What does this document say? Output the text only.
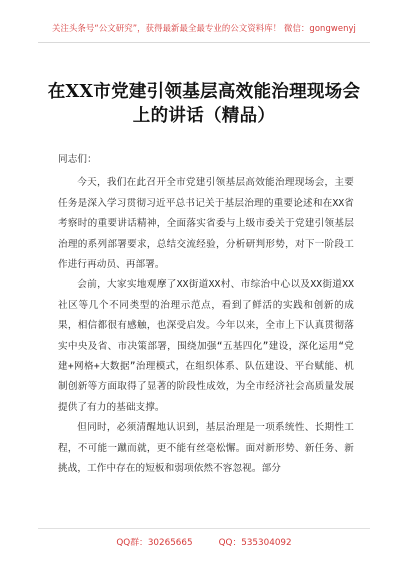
关注头条号“公文研究”，获得最新最全最专业的公文资料库！ 微信：gongwenyj
在XX市党建引领基层高效能治理现场会上的讲话（精品）

同志们：

今天，我们在此召开全市党建引领基层高效能治理现场会，主要任务是深入学习贯彻习近平总书记关于基层治理的重要论述和在XX省考察时的重要讲话精神，全面落实省委与上级市委关于党建引领基层治理的系列部署要求，总结交流经验，分析研判形势，对下一阶段工作进行再动员、再部署。

会前，大家实地观摩了XX街道XX村、市综治中心以及XX街道XX社区等几个不同类型的治理示范点，看到了鲜活的实践和创新的成果，相信都很有感触，也深受启发。今年以来，全市上下认真贯彻落实中央及省、市决策部署，围绕加强“五基四化”建设，深化运用“党建+网格+大数据”治理模式，在组织体系、队伍建设、平台赋能、机制创新等方面取得了显著的阶段性成效，为全市经济社会高质量发展提供了有力的基础支撑。

但同时，必须清醒地认识到，基层治理是一项系统性、长期性工程，不可能一蹴而就，更不能有丝毫松懈。面对新形势、新任务、新挑战，工作中存在的短板和弱项依然不容忽视。部分

QQ群：30265665	QQ：535304092
